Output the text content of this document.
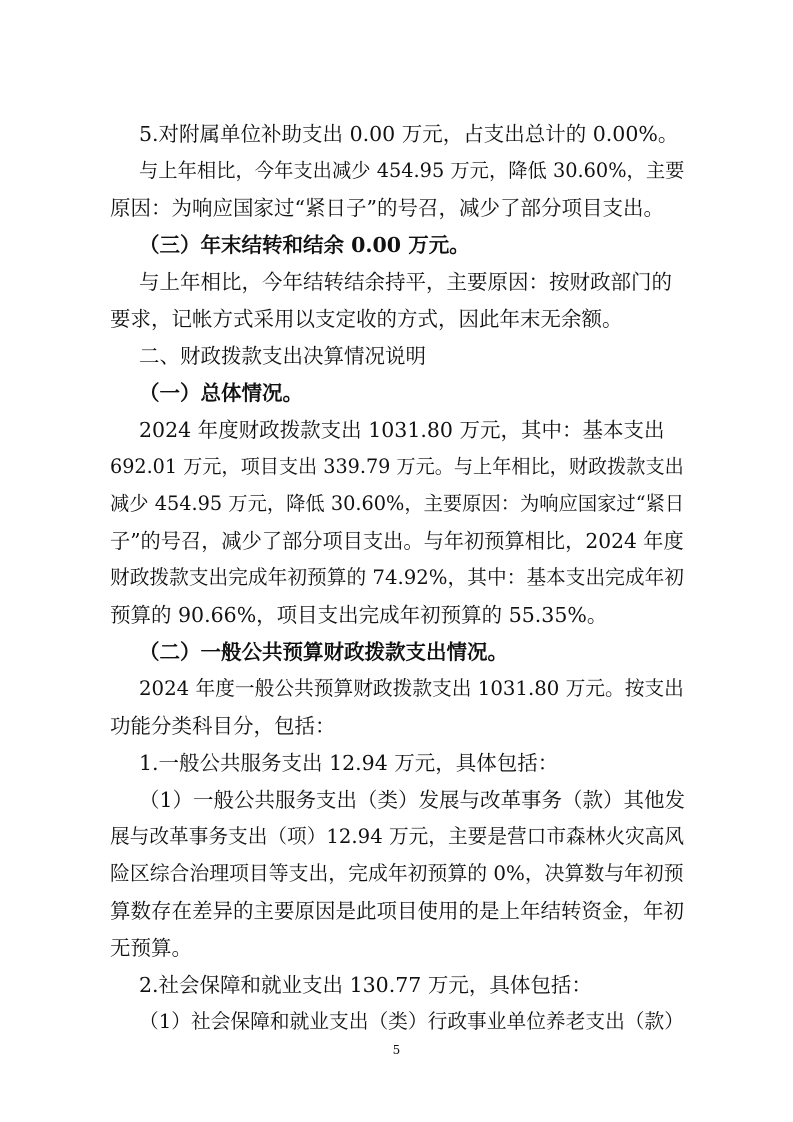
5.对附属单位补助支出 0.00 万元，占支出总计的 0.00%。
与上年相比，今年支出减少 454.95 万元，降低 30.60%，主要
原因：为响应国家过“紧日子”的号召，减少了部分项目支出。
（三）年末结转和结余 0.00 万元。
与上年相比，今年结转结余持平，主要原因：按财政部门的
要求，记帐方式采用以支定收的方式，因此年末无余额。
二、财政拨款支出决算情况说明
（一）总体情况。
2024 年度财政拨款支出 1031.80 万元，其中：基本支出
692.01 万元，项目支出 339.79 万元。与上年相比，财政拨款支出
减少 454.95 万元，降低 30.60%，主要原因：为响应国家过“紧日
子”的号召，减少了部分项目支出。与年初预算相比，2024 年度
财政拨款支出完成年初预算的 74.92%，其中：基本支出完成年初
预算的 90.66%，项目支出完成年初预算的 55.35%。
（二）一般公共预算财政拨款支出情况。
2024 年度一般公共预算财政拨款支出 1031.80 万元。按支出
功能分类科目分，包括：
1.一般公共服务支出 12.94 万元，具体包括：
（1）一般公共服务支出（类）发展与改革事务（款）其他发
展与改革事务支出（项）12.94 万元，主要是营口市森林火灾高风
险区综合治理项目等支出，完成年初预算的 0%，决算数与年初预
算数存在差异的主要原因是此项目使用的是上年结转资金，年初
无预算。
2.社会保障和就业支出 130.77 万元，具体包括：
（1）社会保障和就业支出（类）行政事业单位养老支出（款）
5
